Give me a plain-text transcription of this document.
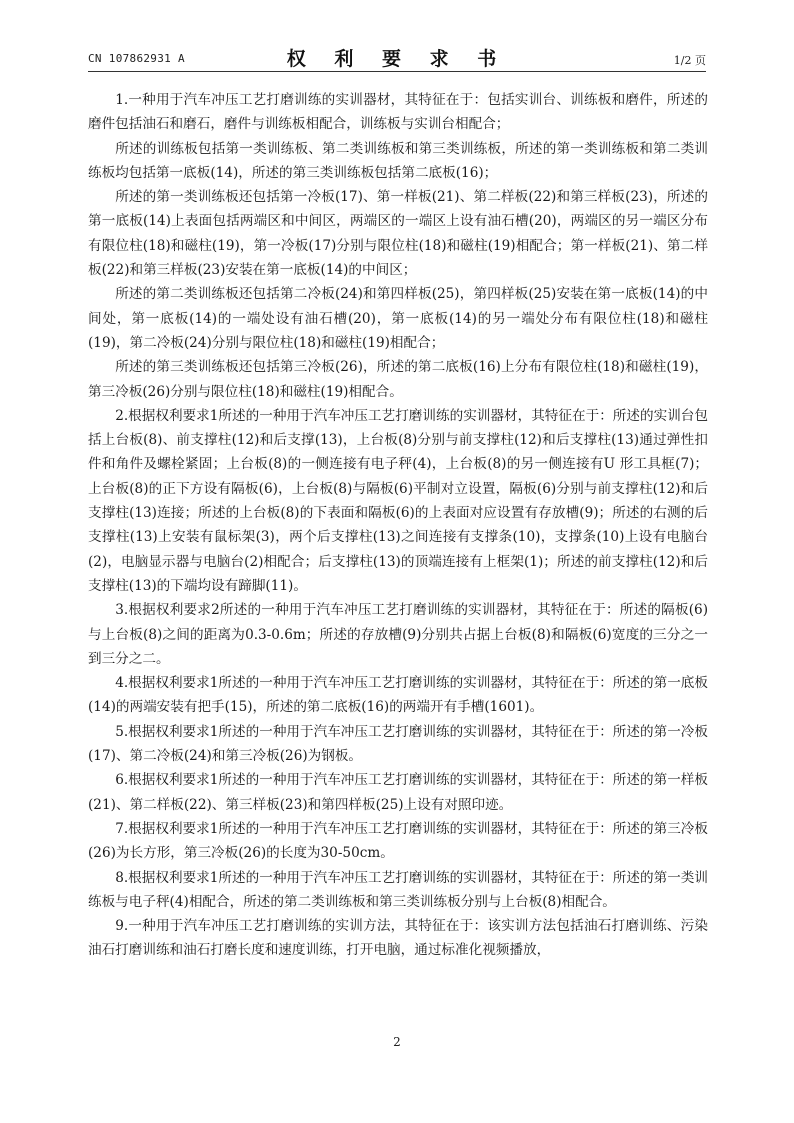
CN 107862931 A	权 利 要 求 书	1/2 页

1.一种用于汽车冲压工艺打磨训练的实训器材，其特征在于：包括实训台、训练板和磨件，所述的磨件包括油石和磨石，磨件与训练板相配合，训练板与实训台相配合；

所述的训练板包括第一类训练板、第二类训练板和第三类训练板，所述的第一类训练板和第二类训练板均包括第一底板(14)，所述的第三类训练板包括第二底板(16)；

所述的第一类训练板还包括第一冷板(17)、第一样板(21)、第二样板(22)和第三样板(23)，所述的第一底板(14)上表面包括两端区和中间区，两端区的一端区上设有油石槽(20)，两端区的另一端区分布有限位柱(18)和磁柱(19)，第一冷板(17)分别与限位柱(18)和磁柱(19)相配合；第一样板(21)、第二样板(22)和第三样板(23)安装在第一底板(14)的中间区；

所述的第二类训练板还包括第二冷板(24)和第四样板(25)，第四样板(25)安装在第一底板(14)的中间处，第一底板(14)的一端处设有油石槽(20)，第一底板(14)的另一端处分布有限位柱(18)和磁柱(19)，第二冷板(24)分别与限位柱(18)和磁柱(19)相配合；

所述的第三类训练板还包括第三冷板(26)，所述的第二底板(16)上分布有限位柱(18)和磁柱(19)，第三冷板(26)分别与限位柱(18)和磁柱(19)相配合。

2.根据权利要求1所述的一种用于汽车冲压工艺打磨训练的实训器材，其特征在于：所述的实训台包括上台板(8)、前支撑柱(12)和后支撑(13)，上台板(8)分别与前支撑柱(12)和后支撑柱(13)通过弹性扣件和角件及螺栓紧固；上台板(8)的一侧连接有电子秤(4)，上台板(8)的另一侧连接有U 形工具框(7)；上台板(8)的正下方设有隔板(6)，上台板(8)与隔板(6)平制对立设置，隔板(6)分别与前支撑柱(12)和后支撑柱(13)连接；所述的上台板(8)的下表面和隔板(6)的上表面对应设置有存放槽(9)；所述的右测的后支撑柱(13)上安装有鼠标架(3)，两个后支撑柱(13)之间连接有支撑条(10)，支撑条(10)上设有电脑台(2)，电脑显示器与电脑台(2)相配合；后支撑柱(13)的顶端连接有上框架(1)；所述的前支撑柱(12)和后支撑柱(13)的下端均设有蹄脚(11)。

3.根据权利要求2所述的一种用于汽车冲压工艺打磨训练的实训器材，其特征在于：所述的隔板(6)与上台板(8)之间的距离为0.3-0.6m；所述的存放槽(9)分别共占据上台板(8)和隔板(6)宽度的三分之一到三分之二。

4.根据权利要求1所述的一种用于汽车冲压工艺打磨训练的实训器材，其特征在于：所述的第一底板(14)的两端安装有把手(15)，所述的第二底板(16)的两端开有手槽(1601)。

5.根据权利要求1所述的一种用于汽车冲压工艺打磨训练的实训器材，其特征在于：所述的第一冷板(17)、第二冷板(24)和第三冷板(26)为钢板。

6.根据权利要求1所述的一种用于汽车冲压工艺打磨训练的实训器材，其特征在于：所述的第一样板(21)、第二样板(22)、第三样板(23)和第四样板(25)上设有对照印迹。

7.根据权利要求1所述的一种用于汽车冲压工艺打磨训练的实训器材，其特征在于：所述的第三冷板(26)为长方形，第三冷板(26)的长度为30-50cm。

8.根据权利要求1所述的一种用于汽车冲压工艺打磨训练的实训器材，其特征在于：所述的第一类训练板与电子秤(4)相配合，所述的第二类训练板和第三类训练板分别与上台板(8)相配合。

9.一种用于汽车冲压工艺打磨训练的实训方法，其特征在于：该实训方法包括油石打磨训练、污染油石打磨训练和油石打磨长度和速度训练，打开电脑，通过标准化视频播放，

2
